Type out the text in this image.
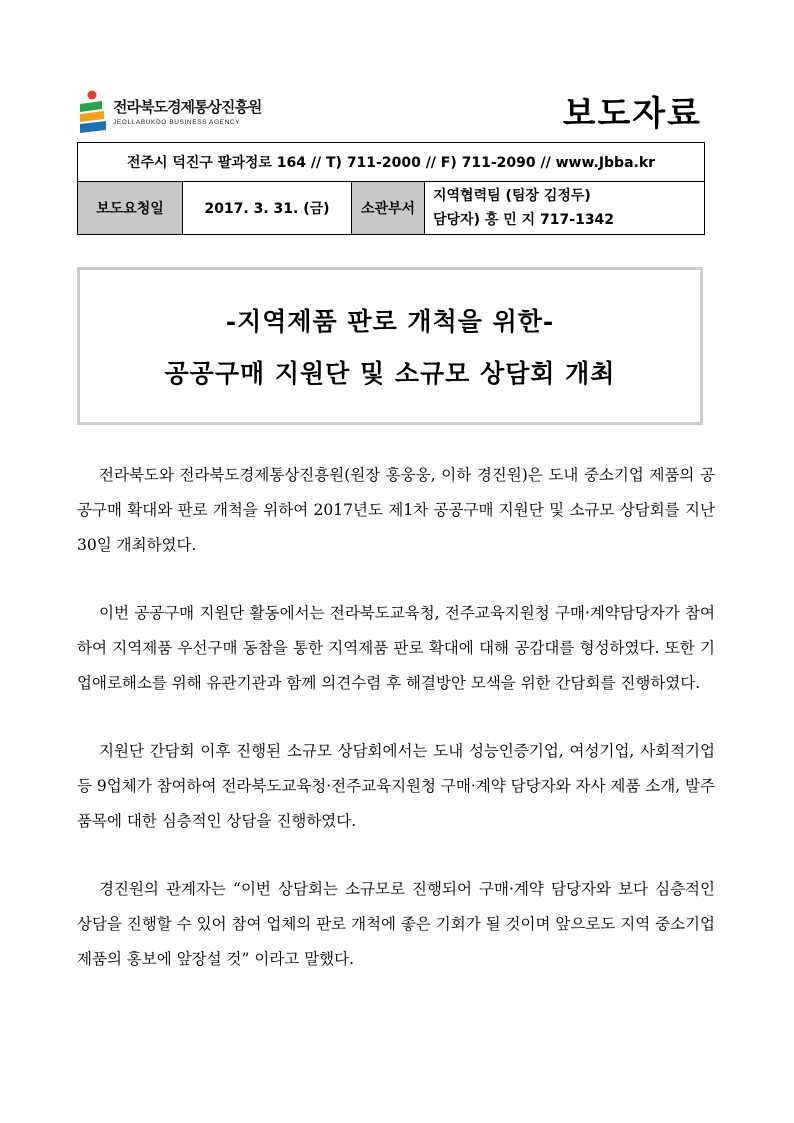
전라북도경제통상진흥원
JEOLLABUKDO BUSINESS AGENCY	보도자료
전주시 덕진구 팔과정로 164 // T) 711-2000 // F) 711-2090 // www.Jbba.kr
보도요청일	2017. 3. 31. (금)	소관부서	
지역협력팀 (팀장 김정두)
담당자) 홍 민 지 717-1342
-지역제품 판로 개척을 위한-
공공구매 지원단 및 소규모 상담회 개최

전라북도와 전라북도경제통상진흥원(원장 홍웅웅, 이하 경진원)은 도내 중소기업 제품의 공공구매 확대와 판로 개척을 위하여 2017년도 제1차 공공구매 지원단 및 소규모 상담회를 지난 30일 개최하였다.

이번 공공구매 지원단 활동에서는 전라북도교육청, 전주교육지원청 구매·계약담당자가 참여하여 지역제품 우선구매 동참을 통한 지역제품 판로 확대에 대해 공감대를 형성하였다. 또한 기업애로해소를 위해 유관기관과 함께 의견수렴 후 해결방안 모색을 위한 간담회를 진행하였다.

지원단 간담회 이후 진행된 소규모 상담회에서는 도내 성능인증기업, 여성기업, 사회적기업 등 9업체가 참여하여 전라북도교육청·전주교육지원청 구매·계약 담당자와 자사 제품 소개, 발주품목에 대한 심층적인 상담을 진행하였다.

경진원의 관계자는 “이번 상담회는 소규모로 진행되어 구매·계약 담당자와 보다 심층적인 상담을 진행할 수 있어 참여 업체의 판로 개척에 좋은 기회가 될 것이며 앞으로도 지역 중소기업 제품의 홍보에 앞장설 것” 이라고 말했다.
